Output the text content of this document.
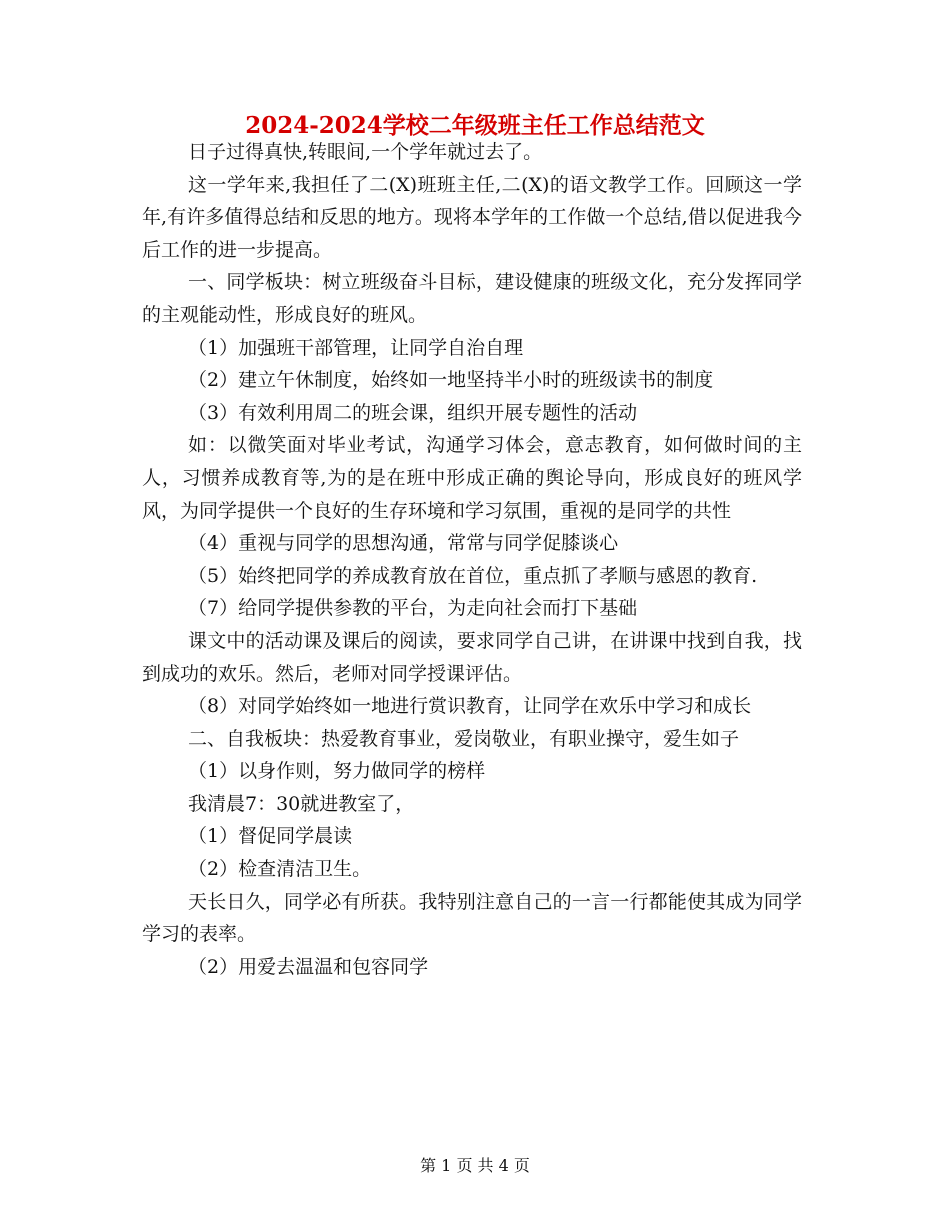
2024-2024学校二年级班主任工作总结范文

日子过得真快,转眼间,一个学年就过去了。

这一学年来,我担任了二(X)班班主任,二(X)的语文教学工作。回顾这一学年,有许多值得总结和反思的地方。现将本学年的工作做一个总结,借以促进我今后工作的进一步提高。

一、同学板块：树立班级奋斗目标，建设健康的班级文化，充分发挥同学的主观能动性，形成良好的班风。

（1）加强班干部管理，让同学自治自理

（2）建立午休制度，始终如一地坚持半小时的班级读书的制度

（3）有效利用周二的班会课，组织开展专题性的活动

如：以微笑面对毕业考试，沟通学习体会，意志教育，如何做时间的主人，习惯养成教育等,为的是在班中形成正确的舆论导向，形成良好的班风学风，为同学提供一个良好的生存环境和学习氛围，重视的是同学的共性

（4）重视与同学的思想沟通，常常与同学促膝谈心

（5）始终把同学的养成教育放在首位，重点抓了孝顺与感恩的教育.

（7）给同学提供参教的平台，为走向社会而打下基础

课文中的活动课及课后的阅读，要求同学自己讲，在讲课中找到自我，找到成功的欢乐。然后，老师对同学授课评估。

（8）对同学始终如一地进行赏识教育，让同学在欢乐中学习和成长

二、自我板块：热爱教育事业，爱岗敬业，有职业操守，爱生如子

（1）以身作则，努力做同学的榜样

我清晨7：30就进教室了，

（1）督促同学晨读

（2）检查清洁卫生。

天长日久，同学必有所获。我特别注意自己的一言一行都能使其成为同学学习的表率。

（2）用爱去温温和包容同学

第 1 页 共 4 页
